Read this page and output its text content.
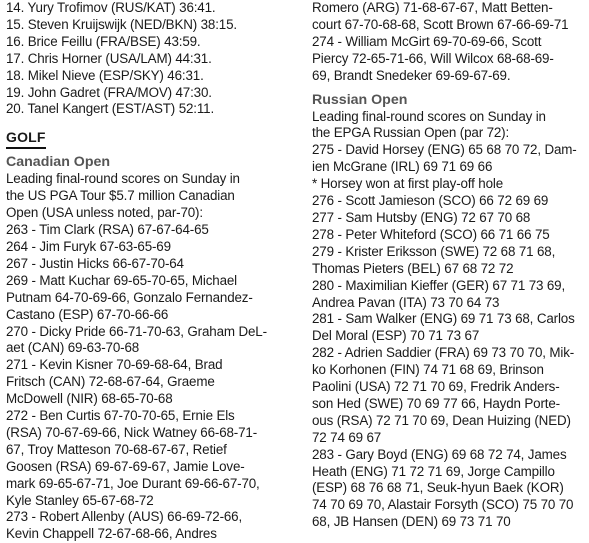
14. Yury Trofimov (RUS/KAT) 36:41.
15. Steven Kruijswijk (NED/BKN) 38:15.
16. Brice Feillu (FRA/BSE) 43:59.
17. Chris Horner (USA/LAM) 44:31.
18. Mikel Nieve (ESP/SKY) 46:31.
19. John Gadret (FRA/MOV) 47:30.
20. Tanel Kangert (EST/AST) 52:11.
GOLF
Canadian Open
Leading final-round scores on Sunday in
the US PGA Tour $5.7 million Canadian
Open (USA unless noted, par-70):
263 - Tim Clark (RSA) 67-67-64-65
264 - Jim Furyk 67-63-65-69
267 - Justin Hicks 66-67-70-64
269 - Matt Kuchar 69-65-70-65, Michael
Putnam 64-70-69-66, Gonzalo Fernandez-
Castano (ESP) 67-70-66-66
270 - Dicky Pride 66-71-70-63, Graham DeL-
aet (CAN) 69-63-70-68
271 - Kevin Kisner 70-69-68-64, Brad
Fritsch (CAN) 72-68-67-64, Graeme
McDowell (NIR) 68-65-70-68
272 - Ben Curtis 67-70-70-65, Ernie Els
(RSA) 70-67-69-66, Nick Watney 66-68-71-
67, Troy Matteson 70-68-67-67, Retief
Goosen (RSA) 69-67-69-67, Jamie Love-
mark 69-65-67-71, Joe Durant 69-66-67-70,
Kyle Stanley 65-67-68-72
273 - Robert Allenby (AUS) 66-69-72-66,
Kevin Chappell 72-67-68-66, Andres
Romero (ARG) 71-68-67-67, Matt Betten-
court 67-70-68-68, Scott Brown 67-66-69-71
274 - William McGirt 69-70-69-66, Scott
Piercy 72-65-71-66, Will Wilcox 68-68-69-
69, Brandt Snedeker 69-69-67-69.
Russian Open
Leading final-round scores on Sunday in
the EPGA Russian Open (par 72):
275 - David Horsey (ENG) 65 68 70 72, Dam-
ien McGrane (IRL) 69 71 69 66
* Horsey won at first play-off hole
276 - Scott Jamieson (SCO) 66 72 69 69
277 - Sam Hutsby (ENG) 72 67 70 68
278 - Peter Whiteford (SCO) 66 71 66 75
279 - Krister Eriksson (SWE) 72 68 71 68,
Thomas Pieters (BEL) 67 68 72 72
280 - Maximilian Kieffer (GER) 67 71 73 69,
Andrea Pavan (ITA) 73 70 64 73
281 - Sam Walker (ENG) 69 71 73 68, Carlos
Del Moral (ESP) 70 71 73 67
282 - Adrien Saddier (FRA) 69 73 70 70, Mik-
ko Korhonen (FIN) 74 71 68 69, Brinson
Paolini (USA) 72 71 70 69, Fredrik Anders-
son Hed (SWE) 70 69 77 66, Haydn Porte-
ous (RSA) 72 71 70 69, Dean Huizing (NED)
72 74 69 67
283 - Gary Boyd (ENG) 69 68 72 74, James
Heath (ENG) 71 72 71 69, Jorge Campillo
(ESP) 68 76 68 71, Seuk-hyun Baek (KOR)
74 70 69 70, Alastair Forsyth (SCO) 75 70 70
68, JB Hansen (DEN) 69 73 71 70
